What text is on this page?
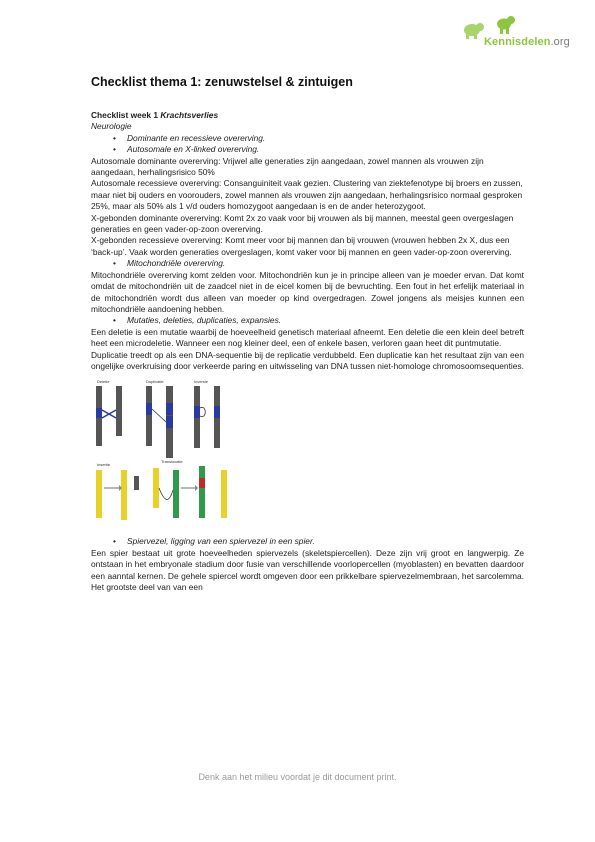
Kennisdelen.org
Checklist thema 1: zenuwstelsel & zintuigen

Checklist week 1 Krachtsverlies

Neurologie

• Dominante en recessieve overerving.
• Autosomale en X-linked overerving.

Autosomale dominante overerving: Vrijwel alle generaties zijn aangedaan, zowel mannen als vrouwen zijn aangedaan, herhalingsrisico 50%

Autosomale recessieve overerving: Consanguiniteit vaak gezien. Clustering van ziektefenotype bij broers en zussen, maar niet bij ouders en voorouders, zowel mannen als vrouwen zijn aangedaan, herhalingsrisico normaal gesproken 25%, maar als 50% als 1 v/d ouders homozygoot aangedaan is en de ander heterozygoot.

X-gebonden dominante overerving: Komt 2x zo vaak voor bij vrouwen als bij mannen, meestal geen overgeslagen generaties en geen vader-op-zoon overerving.

X-gebonden recessieve overerving: Komt meer voor bij mannen dan bij vrouwen (vrouwen hebben 2x X, dus een ‘back-up’. Vaak worden generaties overgeslagen, komt vaker voor bij mannen en geen vader-op-zoon overerving.

• Mitochondriële overerving.

Mitochondriële overerving komt zelden voor. Mitochondriën kun je in principe alleen van je moeder ervan. Dat komt omdat de mitochondriën uit de zaadcel niet in de eicel komen bij de bevruchting. Een fout in het erfelijk materiaal in de mitochondriën wordt dus alleen van moeder op kind overgedragen. Zowel jongens als meisjes kunnen een mitochondriële aandoening hebben.

• Mutaties, deleties, duplicaties, expansies.

Een deletie is een mutatie waarbij de hoeveelheid genetisch materiaal afneemt. Een deletie die een klein deel betreft heet een microdeletie. Wanneer een nog kleiner deel, een of enkele basen, verloren gaan heet dit puntmutatie.

Duplicatie treedt op als een DNA-sequentie bij de replicatie verdubbeld. Een duplicatie kan het resultaat zijn van een ongelijke overkruising door verkeerde paring en uitwisseling van DNA tussen niet-homologe chromosoomsequenties.

Deletie	Duplicatie	Inversie
Insertie
Translocatie
• Spiervezel, ligging van een spiervezel in een spier.

Een spier bestaat uit grote hoeveelheden spiervezels (skeletspiercellen). Deze zijn vrij groot en langwerpig. Ze ontstaan in het embryonale stadium door fusie van verschillende voorlopercellen (myoblasten) en bevatten daardoor een aanntal kernen. De gehele spiercel wordt omgeven door een prikkelbare spiervezelmembraan, het sarcolemma. Het grootste deel van van een

Denk aan het milieu voordat je dit document print.
